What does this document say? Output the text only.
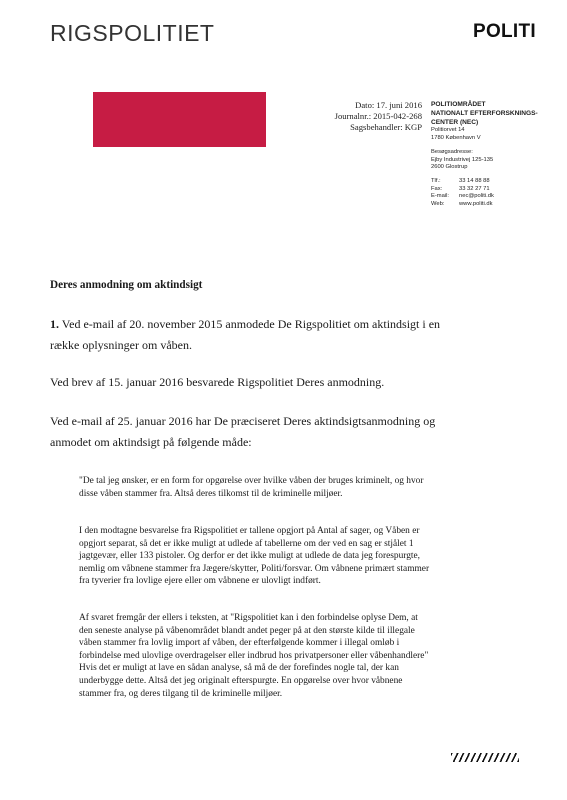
RIGSPOLITIET	POLITI
Dato: 17. juni 2016
Journalnr.: 2015-042-268
Sagsbehandler: KGP
POLITIOMRÅDET
NATIONALT EFTERFORSKNINGS-
CENTER (NEC)
Politiorvet 14
1780 København V
Besøgsadresse:
Ejby Industrivej 125-135
2600 Glostrup
Tlf.:	33 14 88 88
Fax:	33 32 27 71
E-mail:	nec@politi.dk
Web:	www.politi.dk
Deres anmodning om aktindsigt
1. Ved e-mail af 20. november 2015 anmodede De Rigspolitiet om aktindsigt i en række oplysninger om våben.
Ved brev af 15. januar 2016 besvarede Rigspolitiet Deres anmodning.
Ved e-mail af 25. januar 2016 har De præciseret Deres aktindsigtsanmodning og anmodet om aktindsigt på følgende måde:
"De tal jeg ønsker, er en form for opgørelse over hvilke våben der bruges kriminelt, og hvor disse våben stammer fra. Altså deres tilkomst til de kriminelle miljøer.
I den modtagne besvarelse fra Rigspolitiet er tallene opgjort på Antal af sager, og Våben er opgjort separat, så det er ikke muligt at udlede af tabellerne om der ved en sag er stjålet 1 jagtgevær, eller 133 pistoler. Og derfor er det ikke muligt at udlede de data jeg forespurgte, nemlig om våbnene stammer fra Jægere/skytter, Politi/forsvar. Om våbnene primært stammer fra tyverier fra lovlige ejere eller om våbnene er ulovligt indført.
Af svaret fremgår der ellers i teksten, at "Rigspolitiet kan i den forbindelse oplyse Dem, at den seneste analyse på våbenområdet blandt andet peger på at den største kilde til illegale våben stammer fra lovlig import af våben, der efterfølgende kommer i illegal omløb i forbindelse med ulovlige overdragelser eller indbrud hos privatpersoner eller våbenhandlere" Hvis det er muligt at lave en sådan analyse, så må de der forefindes nogle tal, der kan underbygge dette. Altså det jeg originalt efterspurgte. En opgørelse over hvor våbnene stammer fra, og deres tilgang til de kriminelle miljøer.
